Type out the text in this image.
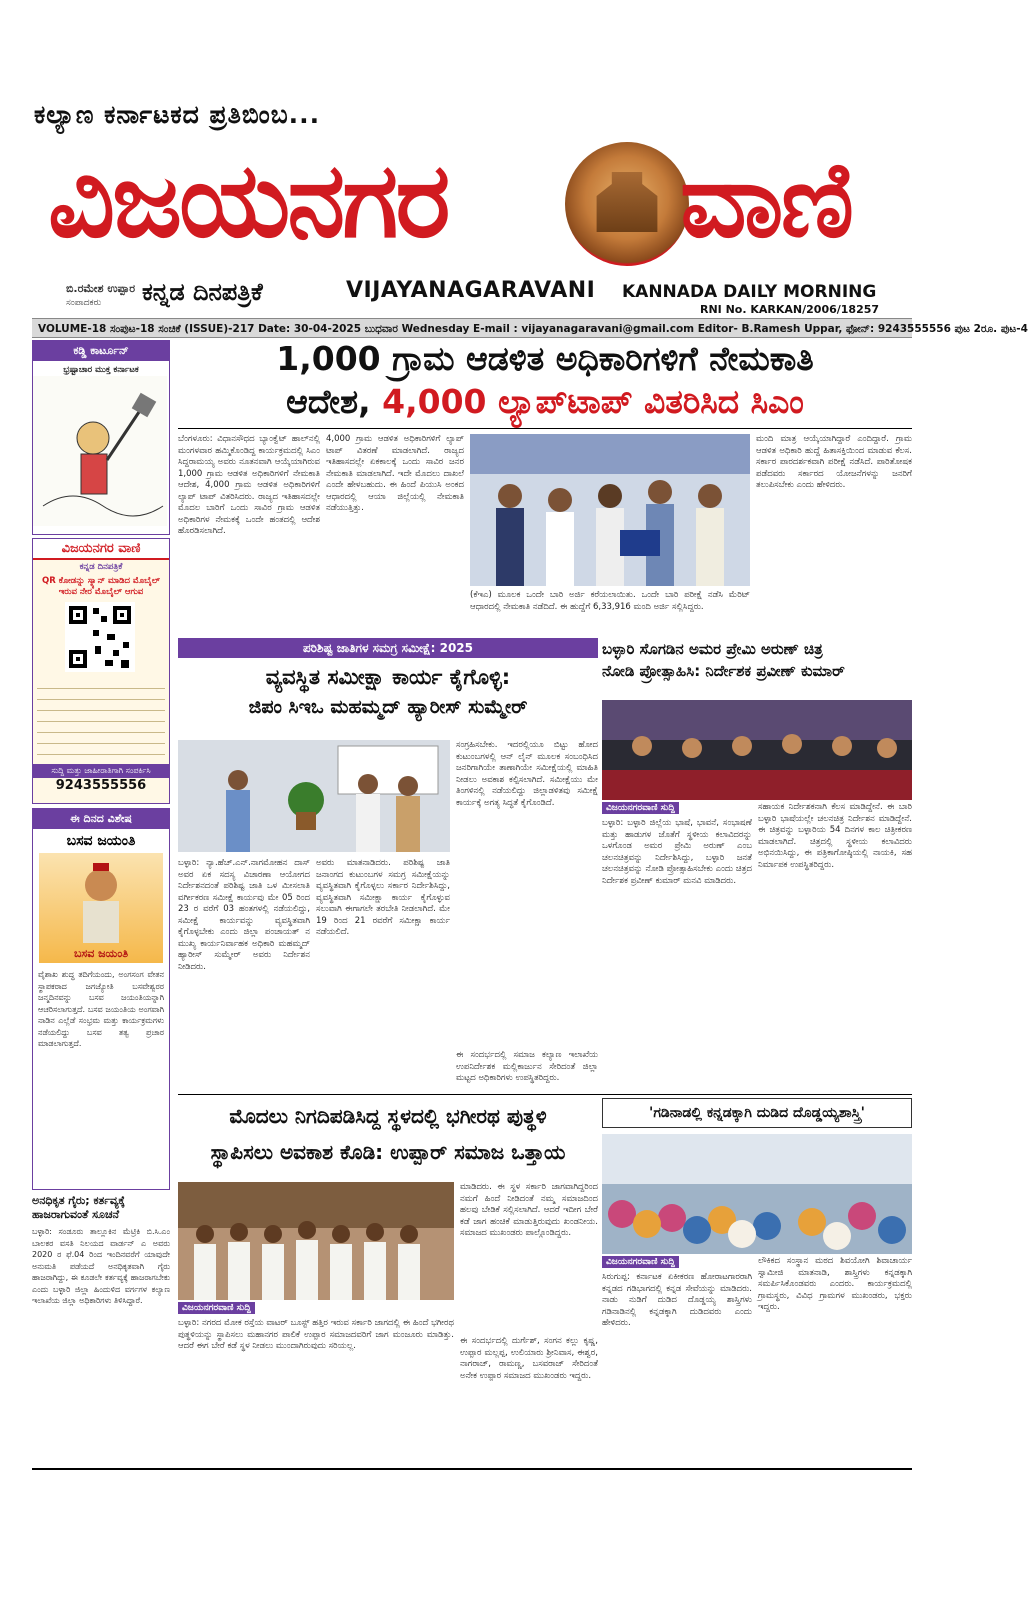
ಕಲ್ಯಾಣ ಕರ್ನಾಟಕದ ಪ್ರತಿಬಿಂಬ...
ವಿಜಯನಗರ ವಾಣಿ
ಬಿ.ರಮೇಶ ಉಪ್ಪಾರ
ಸಂಪಾದಕರು ಕನ್ನಡ ದಿನಪತ್ರಿಕೆ	VIJAYANAGARAVANI KANNADA DAILY MORNING
RNI No. KARKAN/2006/18257
VOLUME-18 ಸಂಪುಟ-18 ಸಂಚಿಕೆ (ISSUE)-217 Date: 30-04-2025 ಬುಧವಾರ Wednesday E-mail : vijayanagaravani@gmail.com Editor- B.Ramesh Uppar, ಫೋನ್: 9243555556 ಪುಟ 2ರೂ. ಪುಟ-4
ಕಡ್ಡಿ ಕಾರ್ಟೂನ್
ಭ್ರಷ್ಟಾಚಾರ ಮುಕ್ತ ಕರ್ನಾಟಕ
ವಿಜಯನಗರ ವಾಣಿ
ಕನ್ನಡ ದಿನಪತ್ರಿಕೆ
QR ಕೋಡನ್ನು ಸ್ಕ್ಯಾನ್ ಮಾಡಿದ ಮೊಬೈಲ್ ಇರುವ ನೇರ ಮೊಬೈಲ್ ಆಗುವ
ಸುದ್ದಿ ಮತ್ತು ಜಾಹೀರಾತಿಗಾಗಿ ಸಂಪರ್ಕಿಸಿ
9243555556
ಈ ದಿನದ ವಿಶೇಷ
ಬಸವ ಜಯಂತಿ
ಬಸವ ಜಯಂತಿ
ವೈಶಾಖ ಶುದ್ಧ ತದಿಗೆಯಂದು, ಅಂಗಸಂಗ ವೇತನ ಸ್ಥಾಪಕರಾದ ಜಗಜ್ಯೋತಿ ಬಸವೇಶ್ವರರ ಜನ್ಮದಿನವನ್ನು ಬಸವ ಜಯಂತಿಯನ್ನಾಗಿ ಆಚರಿಸಲಾಗುತ್ತದೆ. ಬಸವ ಜಯಂತಿಯ ಅಂಗವಾಗಿ ನಾಡಿನ ಎಲ್ಲೆಡೆ ಸಂಭ್ರಮ ಮತ್ತು ಕಾರ್ಯಕ್ರಮಗಳು ನಡೆಯಲಿದ್ದು ಬಸವ ತತ್ವ ಪ್ರಚಾರ ಮಾಡಲಾಗುತ್ತದೆ.
ಅನಧಿಕೃತ ಗೈರು; ಕರ್ತವ್ಯಕ್ಕೆ ಹಾಜರಾಗುವಂತೆ ಸೂಚನೆ
ಬಳ್ಳಾರಿ: ಸಂಡೂರು ತಾಲ್ಲೂಕಿನ ಮೆಟ್ರಿಕಿ ಬಿ.ಸಿ.ಎಂ ಬಾಲಕರ ವಸತಿ ನಿಲಯದ ವಾರ್ಡನ್ ಎ ಅವರು 2020 ರ ಫೆ.04 ರಿಂದ ಇಂದಿನವರೆಗೆ ಯಾವುದೇ ಅನುಮತಿ ಪಡೆಯದೆ ಅನಧಿಕೃತವಾಗಿ ಗೈರು ಹಾಜರಾಗಿದ್ದು, ಈ ಕೂಡಲೇ ಕರ್ತವ್ಯಕ್ಕೆ ಹಾಜರಾಗಬೇಕು ಎಂದು ಬಳ್ಳಾರಿ ಜಿಲ್ಲಾ ಹಿಂದುಳಿದ ವರ್ಗಗಳ ಕಲ್ಯಾಣ ಇಲಾಖೆಯ ಜಿಲ್ಲಾ ಅಧಿಕಾರಿಗಳು ತಿಳಿಸಿದ್ದಾರೆ.
1,000 ಗ್ರಾಮ ಆಡಳಿತ ಅಧಿಕಾರಿಗಳಿಗೆ ನೇಮಕಾತಿ
ಆದೇಶ, 4,000 ಲ್ಯಾಪ್‌ಟಾಪ್ ವಿತರಿಸಿದ ಸಿಎಂ
ಬೆಂಗಳೂರು: ವಿಧಾನಸೌಧದ ಬ್ಯಾಂಕ್ವೆಟ್ ಹಾಲ್‌ನಲ್ಲಿ ಮಂಗಳವಾರ ಹಮ್ಮಿಕೊಂಡಿದ್ದ ಕಾರ್ಯಕ್ರಮದಲ್ಲಿ ಸಿಎಂ ಸಿದ್ದರಾಮಯ್ಯ ಅವರು ನೂತನವಾಗಿ ಆಯ್ಕೆಯಾಗಿರುವ 1,000 ಗ್ರಾಮ ಆಡಳಿತ ಅಧಿಕಾರಿಗಳಿಗೆ ನೇಮಕಾತಿ ಆದೇಶ, 4,000 ಗ್ರಾಮ ಆಡಳಿತ ಅಧಿಕಾರಿಗಳಿಗೆ ಲ್ಯಾಪ್ ಟಾಪ್ ವಿತರಿಸಿದರು. ರಾಜ್ಯದ ಇತಿಹಾಸದಲ್ಲೇ ಮೊದಲ ಬಾರಿಗೆ ಒಂದು ಸಾವಿರ ಗ್ರಾಮ ಆಡಳಿತ ಅಧಿಕಾರಿಗಳ ನೇಮಕಕ್ಕೆ ಒಂದೇ ಹಂತದಲ್ಲಿ ಆದೇಶ ಹೊರಡಿಸಲಾಗಿದೆ.
4,000 ಗ್ರಾಮ ಆಡಳಿತ ಅಧಿಕಾರಿಗಳಿಗೆ ಲ್ಯಾಪ್ ಟಾಪ್ ವಿತರಣೆ ಮಾಡಲಾಗಿದೆ. ರಾಜ್ಯದ ಇತಿಹಾಸದಲ್ಲೇ ಏಕಕಾಲಕ್ಕೆ ಒಂದು ಸಾವಿರ ಜನರ ನೇಮಕಾತಿ ಮಾಡಲಾಗಿದೆ. ಇದೇ ಮೊದಲು ದಾಖಲೆ ಎಂದೇ ಹೇಳಬಹುದು. ಈ ಹಿಂದೆ ಪಿಯುಸಿ ಅಂಕದ ಆಧಾರದಲ್ಲಿ ಆಯಾ ಜಿಲ್ಲೆಯಲ್ಲಿ ನೇಮಕಾತಿ ನಡೆಯುತ್ತಿತ್ತು.
(ಕೆಇಎ) ಮೂಲಕ ಒಂದೇ ಬಾರಿ ಅರ್ಜಿ ಕರೆಯಲಾಯಿತು. ಒಂದೇ ಬಾರಿ ಪರೀಕ್ಷೆ ನಡೆಸಿ ಮೆರಿಟ್ ಆಧಾರದಲ್ಲಿ ನೇಮಕಾತಿ ನಡೆದಿದೆ. ಈ ಹುದ್ದೆಗೆ 6,33,916 ಮಂದಿ ಅರ್ಜಿ ಸಲ್ಲಿಸಿದ್ದರು.
ಮಂದಿ ಮಾತ್ರ ಆಯ್ಕೆಯಾಗಿದ್ದಾರೆ ಎಂದಿದ್ದಾರೆ. ಗ್ರಾಮ ಆಡಳಿತ ಅಧಿಕಾರಿ ಹುದ್ದೆ ಹಿತಾಸಕ್ತಿಯಿಂದ ಮಾಡುವ ಕೆಲಸ. ಸರ್ಕಾರ ಪಾರದರ್ಶಕವಾಗಿ ಪರೀಕ್ಷೆ ನಡೆಸಿದೆ. ಪಾರಿತೋಷಕ ಪಡೆದವರು ಸರ್ಕಾರದ ಯೋಜನೆಗಳನ್ನು ಜನರಿಗೆ ತಲುಪಿಸಬೇಕು ಎಂದು ಹೇಳಿದರು.
ಪರಿಶಿಷ್ಟ ಜಾತಿಗಳ ಸಮಗ್ರ ಸಮೀಕ್ಷೆ: 2025
ವ್ಯವಸ್ಥಿತ ಸಮೀಕ್ಷಾ ಕಾರ್ಯ ಕೈಗೊಳ್ಳಿ:
ಜಿಪಂ ಸಿಇಒ ಮಹಮ್ಮದ್ ಹ್ಯಾರೀಸ್ ಸುಮ್ಮೇರ್
ಸಂಗ್ರಹಿಸಬೇಕು. ಇದರಲ್ಲಿಯೂ ಬಿಟ್ಟು ಹೋದ ಕುಟುಂಬಗಳಲ್ಲಿ ಆನ್ ಲೈನ್ ಮೂಲಕ ಸಂಬಂಧಿಸಿದ ಜನರಿಗಾಗಿಯೇ ತಾಣಾಗಿಯೇ ಸಮೀಕ್ಷೆಯಲ್ಲಿ ಮಾಹಿತಿ ನೀಡಲು ಅವಕಾಶ ಕಲ್ಪಿಸಲಾಗಿದೆ. ಸಮೀಕ್ಷೆಯು ಮೇ ತಿಂಗಳಿನಲ್ಲಿ ನಡೆಯಲಿದ್ದು ಜಿಲ್ಲಾಡಳಿತವು ಸಮೀಕ್ಷೆ ಕಾರ್ಯಕ್ಕೆ ಅಗತ್ಯ ಸಿದ್ಧತೆ ಕೈಗೊಂಡಿದೆ.
ಬಳ್ಳಾರಿ: ನ್ಯಾ.ಹೆಚ್.ಎನ್.ನಾಗಮೋಹನ ದಾಸ್ ಅವರ ಏಕ ಸದಸ್ಯ ವಿಚಾರಣಾ ಆಯೋಗದ ನಿರ್ದೇಶನದಂತೆ ಪರಿಶಿಷ್ಟ ಜಾತಿ ಒಳ ಮೀಸಲಾತಿ ವರ್ಗೀಕರಣ ಸಮೀಕ್ಷೆ ಕಾರ್ಯವು ಮೇ 05 ರಿಂದ 23 ರ ವರೆಗೆ 03 ಹಂತಗಳಲ್ಲಿ ನಡೆಯಲಿದ್ದು, ಸಮೀಕ್ಷೆ ಕಾರ್ಯವನ್ನು ವ್ಯವಸ್ಥಿತವಾಗಿ ಕೈಗೊಳ್ಳಬೇಕು ಎಂದು ಜಿಲ್ಲಾ ಪಂಚಾಯತ್ ನ ಮುಖ್ಯ ಕಾರ್ಯನಿರ್ವಾಹಕ ಅಧಿಕಾರಿ ಮಹಮ್ಮದ್ ಹ್ಯಾರೀಸ್ ಸುಮ್ಮೇರ್ ಅವರು ನಿರ್ದೇಶನ ನೀಡಿದರು.
ಅವರು ಮಾತನಾಡಿದರು. ಪರಿಶಿಷ್ಟ ಜಾತಿ ಜನಾಂಗದ ಕುಟುಂಬಗಳ ಸಮಗ್ರ ಸಮೀಕ್ಷೆಯನ್ನು ವ್ಯವಸ್ಥಿತವಾಗಿ ಕೈಗೊಳ್ಳಲು ಸರ್ಕಾರ ನಿರ್ದೇಶಿಸಿದ್ದು, ವ್ಯವಸ್ಥಿತವಾಗಿ ಸಮೀಕ್ಷಾ ಕಾರ್ಯ ಕೈಗೊಳ್ಳುವ ಸಲುವಾಗಿ ಈಗಾಗಲೇ ತರಬೇತಿ ನೀಡಲಾಗಿದೆ. ಮೇ 19 ರಿಂದ 21 ರವರೆಗೆ ಸಮೀಕ್ಷಾ ಕಾರ್ಯ ನಡೆಯಲಿದೆ.
ಈ ಸಂದರ್ಭದಲ್ಲಿ ಸಮಾಜ ಕಲ್ಯಾಣ ಇಲಾಖೆಯ ಉಪನಿರ್ದೇಶಕ ಮಲ್ಲಿಕಾರ್ಜುನ ಸೇರಿದಂತೆ ಜಿಲ್ಲಾ ಮಟ್ಟದ ಅಧಿಕಾರಿಗಳು ಉಪಸ್ಥಿತರಿದ್ದರು.
ಬಳ್ಳಾರಿ ಸೊಗಡಿನ ಅಮರ ಪ್ರೇಮಿ ಅರುಣ್ ಚಿತ್ರ
ನೋಡಿ ಪ್ರೋತ್ಸಾಹಿಸಿ: ನಿರ್ದೇಶಕ ಪ್ರವೀಣ್ ಕುಮಾರ್
ವಿಜಯನಗರವಾಣಿ ಸುದ್ದಿ
ಬಳ್ಳಾರಿ: ಬಳ್ಳಾರಿ ಜಿಲ್ಲೆಯ ಭಾಷೆ, ಭಾವನೆ, ಸಂಭಾಷಣೆ ಮತ್ತು ಹಾಡುಗಳ ಜೊತೆಗೆ ಸ್ಥಳೀಯ ಕಲಾವಿದರನ್ನು ಒಳಗೊಂಡ ಅಮರ ಪ್ರೇಮಿ ಅರುಣ್ ಎಂಬ ಚಲನಚಿತ್ರವನ್ನು ನಿರ್ದೇಶಿಸಿದ್ದು, ಬಳ್ಳಾರಿ ಜನತೆ ಚಲನಚಿತ್ರವನ್ನು ನೋಡಿ ಪ್ರೋತ್ಸಾಹಿಸಬೇಕು ಎಂದು ಚಿತ್ರದ ನಿರ್ದೇಶಕ ಪ್ರವೀಣ್ ಕುಮಾರ್ ಮನವಿ ಮಾಡಿದರು.
ಸಹಾಯಕ ನಿರ್ದೇಶಕನಾಗಿ ಕೆಲಸ ಮಾಡಿದ್ದೇನೆ. ಈ ಬಾರಿ ಬಳ್ಳಾರಿ ಭಾಷೆಯಲ್ಲೇ ಚಲನಚಿತ್ರ ನಿರ್ದೇಶನ ಮಾಡಿದ್ದೇನೆ. ಈ ಚಿತ್ರವನ್ನು ಬಳ್ಳಾರಿಯ 54 ದಿನಗಳ ಕಾಲ ಚಿತ್ರೀಕರಣ ಮಾಡಲಾಗಿದೆ. ಚಿತ್ರದಲ್ಲಿ ಸ್ಥಳೀಯ ಕಲಾವಿದರು ಅಭಿನಯಿಸಿದ್ದು, ಈ ಪತ್ರಿಕಾಗೋಷ್ಠಿಯಲ್ಲಿ ನಾಯಕಿ, ಸಹ ನಿರ್ಮಾಪಕ ಉಪಸ್ಥಿತರಿದ್ದರು.
ಮೊದಲು ನಿಗದಿಪಡಿಸಿದ್ದ ಸ್ಥಳದಲ್ಲಿ ಭಗೀರಥ ಪುತ್ಥಳಿ
ಸ್ಥಾಪಿಸಲು ಅವಕಾಶ ಕೊಡಿ: ಉಪ್ಪಾರ್ ಸಮಾಜ ಒತ್ತಾಯ
ವಿಜಯನಗರವಾಣಿ ಸುದ್ದಿ
ಬಳ್ಳಾರಿ: ನಗರದ ಮೋಕ ರಸ್ತೆಯ ವಾಟರ್ ಬೂಸ್ಟ್ ಹತ್ತಿರ ಇರುವ ಸರ್ಕಾರಿ ಜಾಗದಲ್ಲಿ ಈ ಹಿಂದೆ ಭಗೀರಥ ಪುತ್ಥಳಿಯನ್ನು ಸ್ಥಾಪಿಸಲು ಮಹಾನಗರ ಪಾಲಿಕೆ ಉಪ್ಪಾರ ಸಮಾಜದವರಿಗೆ ಜಾಗ ಮಂಜೂರು ಮಾಡಿತ್ತು. ಆದರೆ ಈಗ ಬೇರೆ ಕಡೆ ಸ್ಥಳ ನೀಡಲು ಮುಂದಾಗಿರುವುದು ಸರಿಯಲ್ಲ.
ಮಾಡಿದರು. ಈ ಸ್ಥಳ ಸರ್ಕಾರಿ ಜಾಗವಾಗಿದ್ದರಿಂದ ನಮಗೆ ಹಿಂದೆ ನೀಡಿದಂತೆ ನಮ್ಮ ಸಮಾಜದಿಂದ ಹಲವು ಬೇಡಿಕೆ ಸಲ್ಲಿಸಲಾಗಿದೆ. ಆದರೆ ಇದೀಗ ಬೇರೆ ಕಡೆ ಜಾಗ ಹಂಚಿಕೆ ಮಾಡುತ್ತಿರುವುದು ಖಂಡನೀಯ. ಸಮಾಜದ ಮುಖಂಡರು ಪಾಲ್ಗೊಂಡಿದ್ದರು.
ಈ ಸಂದರ್ಭದಲ್ಲಿ ದುರ್ಗೆಶ್, ಸಂಗನ ಕಲ್ಲು ಕೃಷ್ಣ, ಉಪ್ಪಾರ ಮಲ್ಲಪ್ಪ, ಉಲಿಯಾರು ಶ್ರೀನಿವಾಸ, ಈಶ್ವರ, ನಾಗರಾಜ್, ರಾಮಣ್ಣ, ಬಸವರಾಜ್ ಸೇರಿದಂತೆ ಅನೇಕ ಉಪ್ಪಾರ ಸಮಾಜದ ಮುಖಂಡರು ಇದ್ದರು.
'ಗಡಿನಾಡಲ್ಲಿ ಕನ್ನಡಕ್ಕಾಗಿ ದುಡಿದ ದೊಡ್ಡಯ್ಯಶಾಸ್ತ್ರಿ'
ವಿಜಯನಗರವಾಣಿ ಸುದ್ದಿ
ಸಿರುಗುಪ್ಪ: ಕರ್ನಾಟಕ ಏಕೀಕರಣ ಹೋರಾಟಗಾರರಾಗಿ ಕನ್ನಡದ ಗಡಿಭಾಗದಲ್ಲಿ ಕನ್ನಡ ಸೇವೆಯನ್ನು ಮಾಡಿದರು. ನಾಡು ನುಡಿಗೆ ದುಡಿದ ದೊಡ್ಡಯ್ಯ ಶಾಸ್ತ್ರಿಗಳು ಗಡಿನಾಡಿನಲ್ಲಿ ಕನ್ನಡಕ್ಕಾಗಿ ದುಡಿದವರು ಎಂದು ಹೇಳಿದರು.
ಲೌಕಿಕದ ಸಂಸ್ಥಾನ ಮಠದ ಶಿವಯೋಗಿ ಶಿವಾಚಾರ್ಯ ಸ್ವಾಮೀಜಿ ಮಾತನಾಡಿ, ಶಾಸ್ತ್ರಿಗಳು ಕನ್ನಡಕ್ಕಾಗಿ ಸಮರ್ಪಿಸಿಕೊಂಡವರು ಎಂದರು. ಕಾರ್ಯಕ್ರಮದಲ್ಲಿ ಗ್ರಾಮಸ್ಥರು, ವಿವಿಧ ಗ್ರಾಮಗಳ ಮುಖಂಡರು, ಭಕ್ತರು ಇದ್ದರು.
